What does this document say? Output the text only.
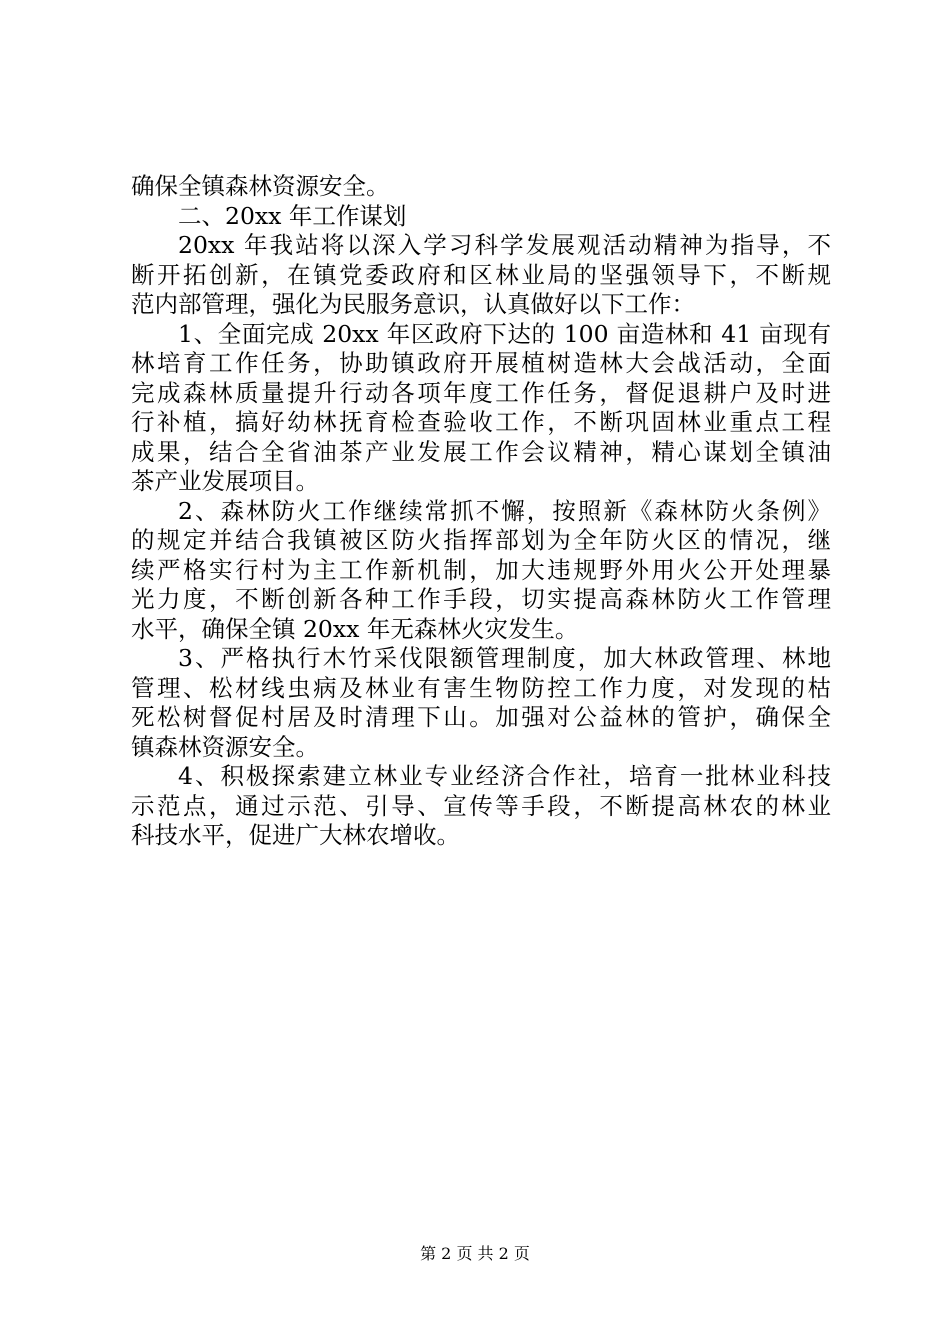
确保全镇森林资源安全。
二、20xx 年工作谋划
20xx 年我站将以深入学习科学发展观活动精神为指导，不
断开拓创新，在镇党委政府和区林业局的坚强领导下，不断规
范内部管理，强化为民服务意识，认真做好以下工作：
1、全面完成 20xx 年区政府下达的 100 亩造林和 41 亩现有
林培育工作任务，协助镇政府开展植树造林大会战活动，全面
完成森林质量提升行动各项年度工作任务，督促退耕户及时进
行补植，搞好幼林抚育检查验收工作，不断巩固林业重点工程
成果，结合全省油茶产业发展工作会议精神，精心谋划全镇油
茶产业发展项目。
2、森林防火工作继续常抓不懈，按照新《森林防火条例》
的规定并结合我镇被区防火指挥部划为全年防火区的情况，继
续严格实行村为主工作新机制，加大违规野外用火公开处理暴
光力度，不断创新各种工作手段，切实提高森林防火工作管理
水平，确保全镇 20xx 年无森林火灾发生。
3、严格执行木竹采伐限额管理制度，加大林政管理、林地
管理、松材线虫病及林业有害生物防控工作力度，对发现的枯
死松树督促村居及时清理下山。加强对公益林的管护，确保全
镇森林资源安全。
4、积极探索建立林业专业经济合作社，培育一批林业科技
示范点，通过示范、引导、宣传等手段，不断提高林农的林业
科技水平，促进广大林农增收。
第 2 页 共 2 页
